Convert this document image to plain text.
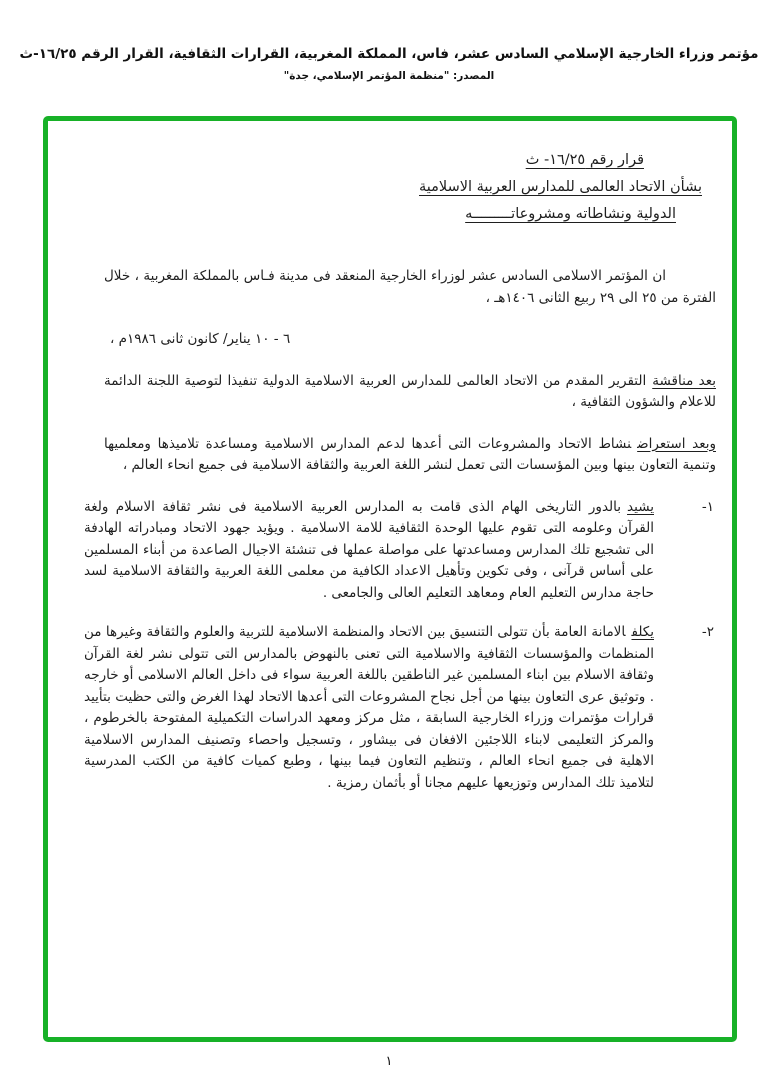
مؤتمر وزراء الخارجية الإسلامي السادس عشر، فاس، المملكة المغربية، القرارات الثقافية، القرار الرقم ١٦/٢٥-ث
المصدر: "منظمة المؤتمر الإسلامي، جدة"
قرار رقم ١٦/٢٥- ث
بشأن الاتحاد العالمى للمدارس العربية الاسلامية
الدولية ونشاطاته ومشروعاتـــــــــه
ان المؤتمر الاسلامى السادس عشر لوزراء الخارجية المنعقد فى مدينة فـاس بالمملكة المغربية ، خلال الفترة من ٢٥ الى ٢٩ ربيع الثانى ١٤٠٦هـ ،
٦ - ١٠ يناير/ كانون ثانى ١٩٨٦م ،
بعد مناقشةالتقرير المقدم من الاتحاد العالمى للمدارس العربية الاسلامية الدولية تنفيذا لتوصية اللجنة الدائمة للاعلام والشؤون الثقافية ،
وبعد استعراضنشاط الاتحاد والمشروعات التى أعدها لدعم المدارس الاسلامية ومساعدة تلاميذها ومعلميها وتنمية التعاون بينها وبين المؤسسات التى تعمل لنشر اللغة العربية والثقافة الاسلامية فى جميع انحاء العالم ،
١-
يشيدبالدور التاريخى الهام الذى قامت به المدارس العربية الاسلامية فى نشر ثقافة الاسلام ولغة القرآن وعلومه التى تقوم عليها الوحدة الثقافية للامة الاسلامية . ويؤيد جهود الاتحاد ومبادراته الهادفة الى تشجيع تلك المدارس ومساعدتها على مواصلة عملها فى تنشئة الاجيال الصاعدة من أبناء المسلمين على أساس قرآنى ، وفى تكوين وتأهيل الاعداد الكافية من معلمى اللغة العربية والثقافة الاسلامية لسد حاجة مدارس التعليم العام ومعاهد التعليم العالى والجامعى .
٢-
يكلفالامانة العامة بأن تتولى التنسيق بين الاتحاد والمنظمة الاسلامية للتربية والعلوم والثقافة وغيرها من المنظمات والمؤسسات الثقافية والاسلامية التى تعنى بالنهوض بالمدارس التى تتولى نشر لغة القرآن وثقافة الاسلام بين ابناء المسلمين غير الناطقين باللغة العربية سواء فى داخل العالم الاسلامى أو خارجه . وتوثيق عرى التعاون بينها من أجل نجاح المشروعات التى أعدها الاتحاد لهذا الغرض والتى حظيت بتأييد قرارات مؤتمرات وزراء الخارجية السابقة ، مثل مركز ومعهد الدراسات التكميلية المفتوحة بالخرطوم ، والمركز التعليمى لابناء اللاجئين الافغان فى بيشاور ، وتسجيل واحصاء وتصنيف المدارس الاسلامية الاهلية فى جميع انحاء العالم ، وتنظيم التعاون فيما بينها ، وطبع كميات كافية من الكتب المدرسية لتلاميذ تلك المدارس وتوزيعها عليهم مجانا أو بأثمان رمزية .
١
